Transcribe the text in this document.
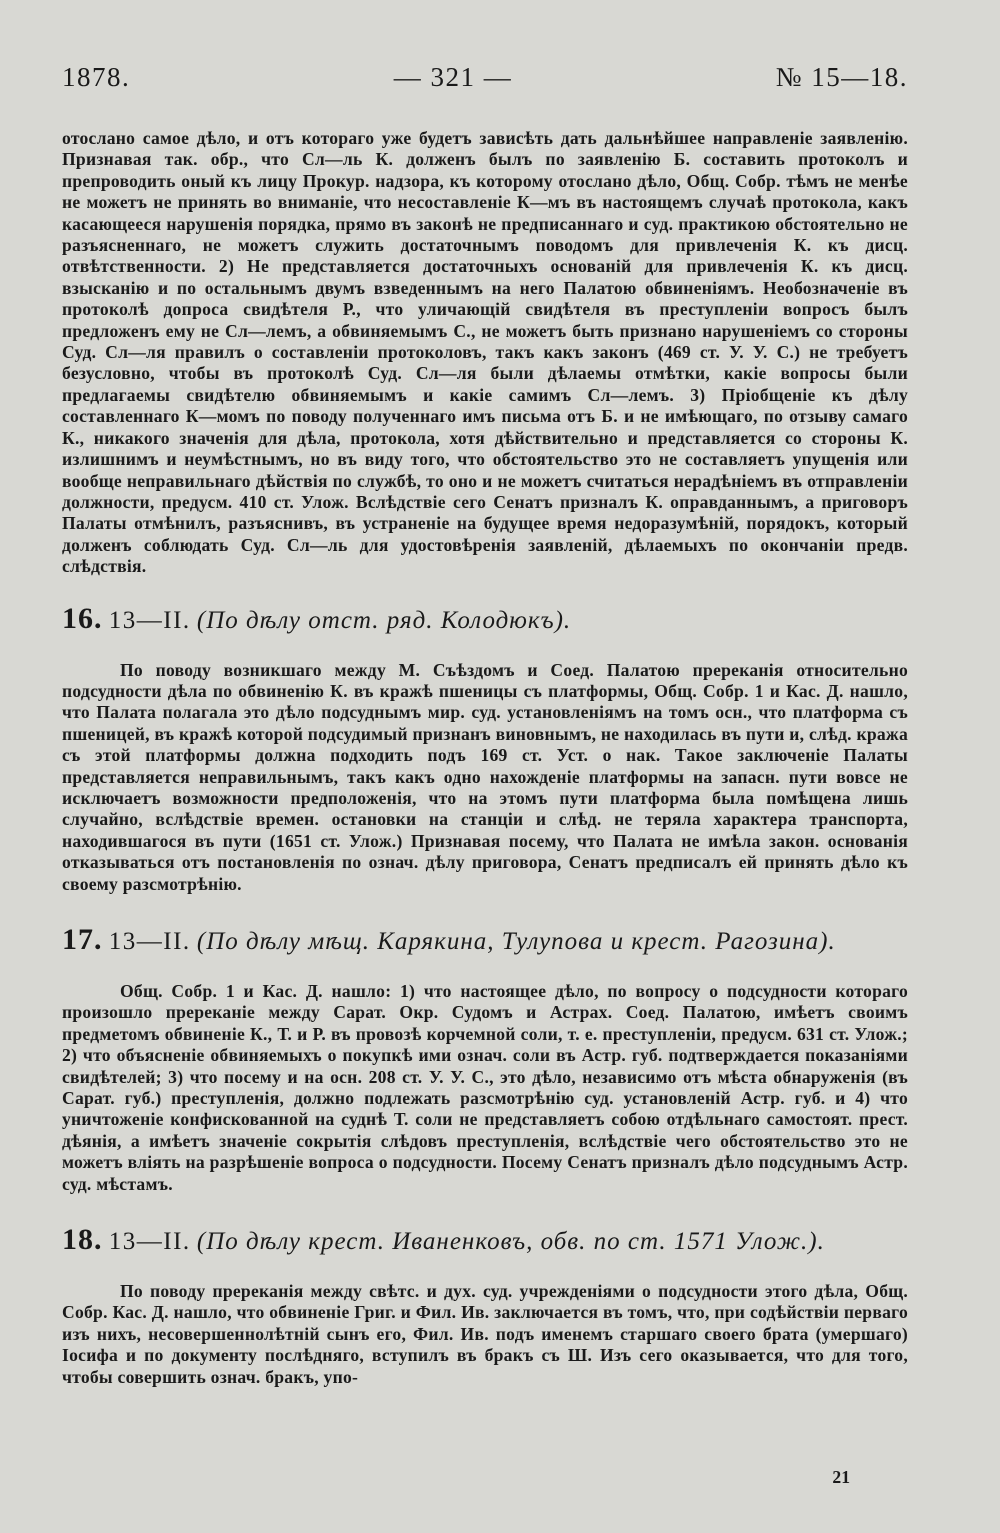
1878.	— 321 —	№ 15—18.

отослано самое дѣло, и отъ котораго уже будетъ зависѣть дать дальнѣйшее направленіе заявленію. Признавая так. обр., что Сл—ль К. долженъ былъ по заявленію Б. составить протоколъ и препроводить оный къ лицу Прокур. надзора, къ которому отослано дѣло, Общ. Собр. тѣмъ не менѣе не можетъ не принять во вниманіе, что несоставленіе К—мъ въ настоящемъ случаѣ протокола, какъ касающееся нарушенія порядка, прямо въ законѣ не предписаннаго и суд. практикою обстоятельно не разъясненнаго, не можетъ служить достаточнымъ поводомъ для привлеченія К. къ дисц. отвѣтственности. 2) Не представляется достаточныхъ основаній для привлеченія К. къ дисц. взысканію и по остальнымъ двумъ взведеннымъ на него Палатою обвиненіямъ. Необозначеніе въ протоколѣ допроса свидѣтеля Р., что уличающій свидѣтеля въ преступленіи вопросъ былъ предложенъ ему не Сл—лемъ, а обвиняемымъ С., не можетъ быть признано нарушеніемъ со стороны Суд. Сл—ля правилъ о составленіи протоколовъ, такъ какъ законъ (469 ст. У. У. С.) не требуетъ безусловно, чтобы въ протоколѣ Суд. Сл—ля были дѣлаемы отмѣтки, какіе вопросы были предлагаемы свидѣтелю обвиняемымъ и какіе самимъ Сл—лемъ. 3) Пріобщеніе къ дѣлу составленнаго К—момъ по поводу полученнаго имъ письма отъ Б. и не имѣющаго, по отзыву самаго К., никакого значенія для дѣла, протокола, хотя дѣйствительно и представляется со стороны К. излишнимъ и неумѣстнымъ, но въ виду того, что обстоятельство это не составляетъ упущенія или вообще неправильнаго дѣйствія по службѣ, то оно и не можетъ считаться нерадѣніемъ въ отправленіи должности, предусм. 410 ст. Улож. Вслѣдствіе сего Сенатъ призналъ К. оправданнымъ, а приговоръ Палаты отмѣнилъ, разъяснивъ, въ устраненіе на будущее время недоразумѣній, порядокъ, который долженъ соблюдать Суд. Сл—ль для удостовѣренія заявленій, дѣлаемыхъ по окончаніи предв. слѣдствія.

16. 13—II. (По дѣлу отст. ряд. Колодюкъ).

По поводу возникшаго между М. Съѣздомъ и Соед. Палатою пререканія относительно подсудности дѣла по обвиненію К. въ кражѣ пшеницы съ платформы, Общ. Собр. 1 и Кас. Д. нашло, что Палата полагала это дѣло подсуднымъ мир. суд. установленіямъ на томъ осн., что платформа съ пшеницей, въ кражѣ которой подсудимый признанъ виновнымъ, не находилась въ пути и, слѣд. кража съ этой платформы должна подходить подъ 169 ст. Уст. о нак. Такое заключеніе Палаты представляется неправильнымъ, такъ какъ одно нахожденіе платформы на запасн. пути вовсе не исключаетъ возможности предположенія, что на этомъ пути платформа была помѣщена лишь случайно, вслѣдствіе времен. остановки на станціи и слѣд. не теряла характера транспорта, находившагося въ пути (1651 ст. Улож.) Признавая посему, что Палата не имѣла закон. основанія отказываться отъ постановленія по означ. дѣлу приговора, Сенатъ предписалъ ей принять дѣло къ своему разсмотрѣнію.

17. 13—II. (По дѣлу мѣщ. Карякина, Тулупова и крест. Рагозина).

Общ. Собр. 1 и Кас. Д. нашло: 1) что настоящее дѣло, по вопросу о подсудности котораго произошло пререканіе между Сарат. Окр. Судомъ и Астрах. Соед. Палатою, имѣетъ своимъ предметомъ обвиненіе К., Т. и Р. въ провозѣ корчемной соли, т. е. преступленіи, предусм. 631 ст. Улож.; 2) что объясненіе обвиняемыхъ о покупкѣ ими означ. соли въ Астр. губ. подтверждается показаніями свидѣтелей; 3) что посему и на осн. 208 ст. У. У. С., это дѣло, независимо отъ мѣста обнаруженія (въ Сарат. губ.) преступленія, должно подлежать разсмотрѣнію суд. установленій Астр. губ. и 4) что уничтоженіе конфискованной на суднѣ Т. соли не представляетъ собою отдѣльнаго самостоят. прест. дѣянія, а имѣетъ значеніе сокрытія слѣдовъ преступленія, вслѣдствіе чего обстоятельство это не можетъ вліять на разрѣшеніе вопроса о подсудности. Посему Сенатъ призналъ дѣло подсуднымъ Астр. суд. мѣстамъ.

18. 13—II. (По дѣлу крест. Иваненковъ, обв. по ст. 1571 Улож.).

По поводу пререканія между свѣтс. и дух. суд. учрежденіями о подсудности этого дѣла, Общ. Собр. Кас. Д. нашло, что обвиненіе Григ. и Фил. Ив. заключается въ томъ, что, при содѣйствіи перваго изъ нихъ, несовершеннолѣтній сынъ его, Фил. Ив. подъ именемъ старшаго своего брата (умершаго) Іосифа и по документу послѣдняго, вступилъ въ бракъ съ Ш. Изъ сего оказывается, что для того, чтобы совершить означ. бракъ, упо-

21
